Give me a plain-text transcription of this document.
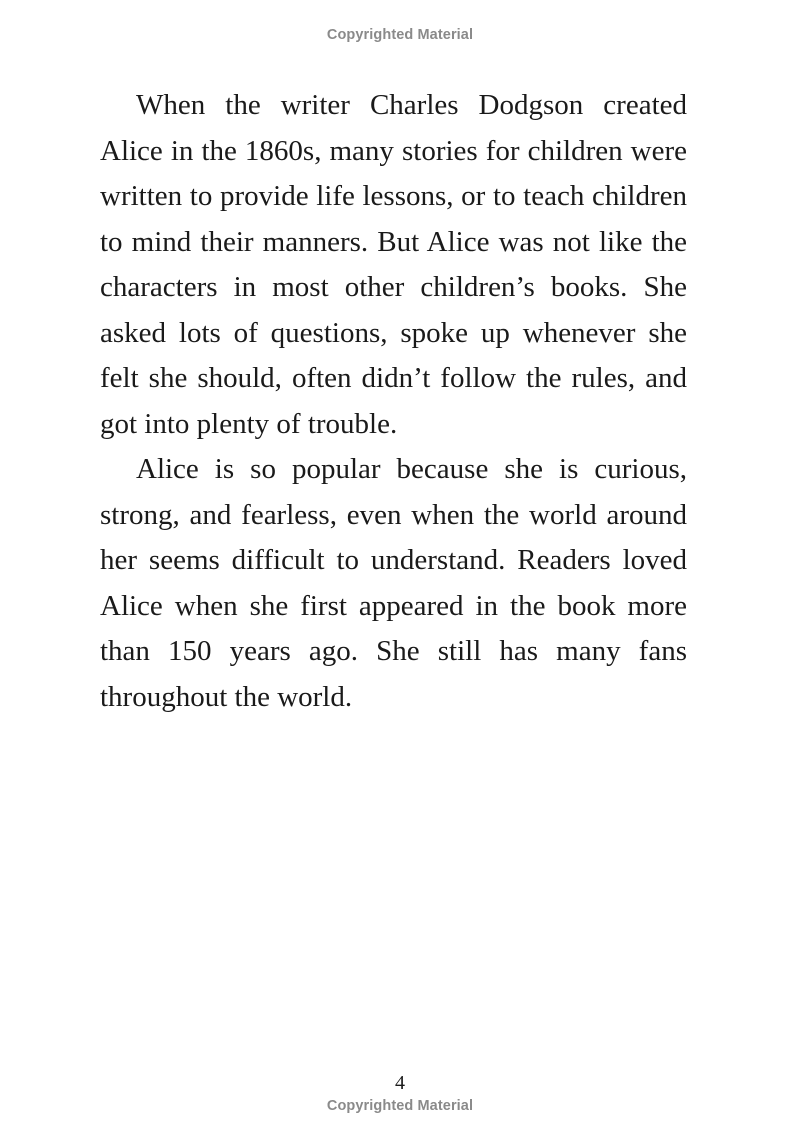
Copyrighted Material

When the writer Charles Dodgson created Alice in the 1860s, many stories for children were written to provide life lessons, or to teach children to mind their manners. But Alice was not like the characters in most other children’s books. She asked lots of questions, spoke up whenever she felt she should, often didn’t follow the rules, and got into plenty of trouble.

Alice is so popular because she is curious, strong, and fearless, even when the world around her seems difficult to understand. Readers loved Alice when she first appeared in the book more than 150 years ago. She still has many fans throughout the world.

4
Copyrighted Material
